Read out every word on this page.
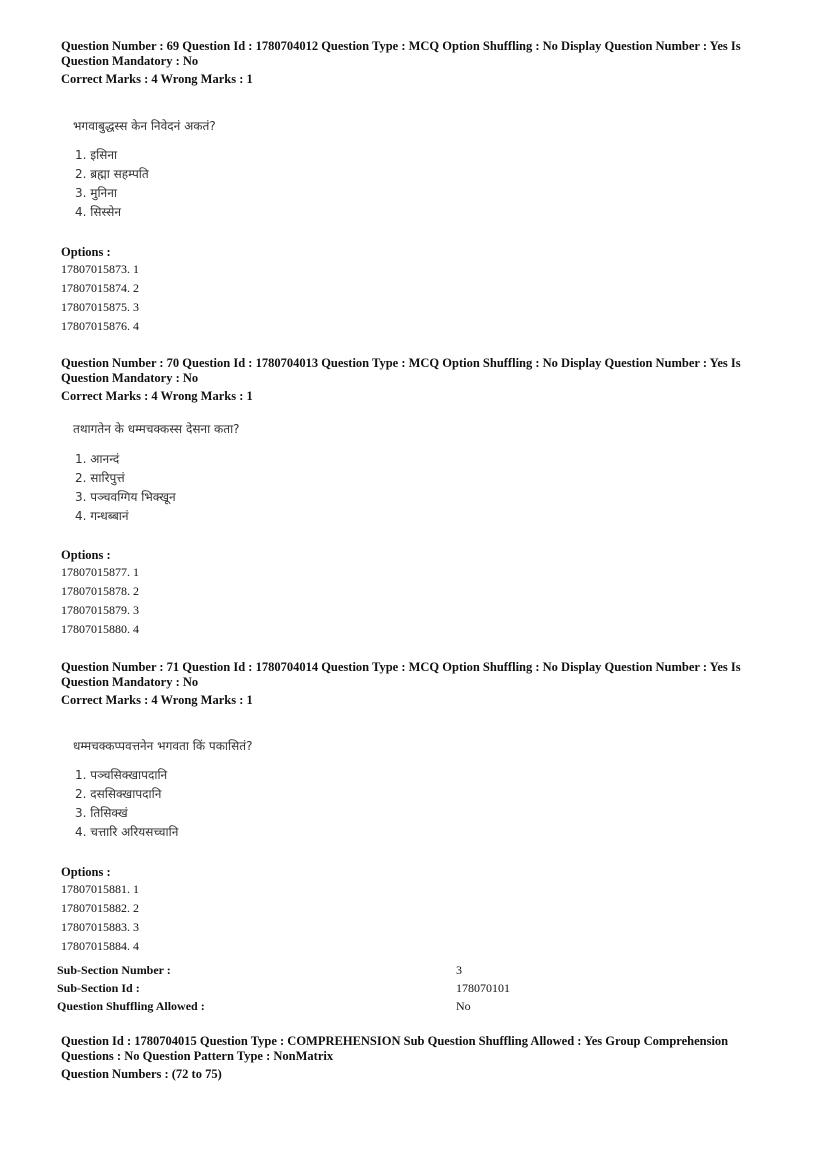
Question Number : 69 Question Id : 1780704012 Question Type : MCQ Option Shuffling : No Display Question Number : Yes Is
Question Mandatory : No
Correct Marks : 4 Wrong Marks : 1
भगवाबुद्धस्स केन निवेदनं अकतं?
1. इसिना
2. ब्रह्मा सहम्पति
3. मुनिना
4. सिस्सेन
Options :
17807015873. 1
17807015874. 2
17807015875. 3
17807015876. 4
Question Number : 70 Question Id : 1780704013 Question Type : MCQ Option Shuffling : No Display Question Number : Yes Is
Question Mandatory : No
Correct Marks : 4 Wrong Marks : 1
तथागतेन के धम्मचक्कस्स देसना कता?
1. आनन्दं
2. सारिपुत्तं
3. पञ्चवग्गिय भिक्खून
4. गन्धब्बानं
Options :
17807015877. 1
17807015878. 2
17807015879. 3
17807015880. 4
Question Number : 71 Question Id : 1780704014 Question Type : MCQ Option Shuffling : No Display Question Number : Yes Is
Question Mandatory : No
Correct Marks : 4 Wrong Marks : 1
धम्मचक्कप्पवत्तनेन भगवता किं पकासितं?
1. पञ्चसिक्खापदानि
2. दससिक्खापदानि
3. तिसिक्खं
4. चत्तारि अरियसच्चानि
Options :
17807015881. 1
17807015882. 2
17807015883. 3
17807015884. 4
Sub-Section Number :	3
Sub-Section Id :	178070101
Question Shuffling Allowed :	No
Question Id : 1780704015 Question Type : COMPREHENSION Sub Question Shuffling Allowed : Yes Group Comprehension
Questions : No Question Pattern Type : NonMatrix
Question Numbers : (72 to 75)
